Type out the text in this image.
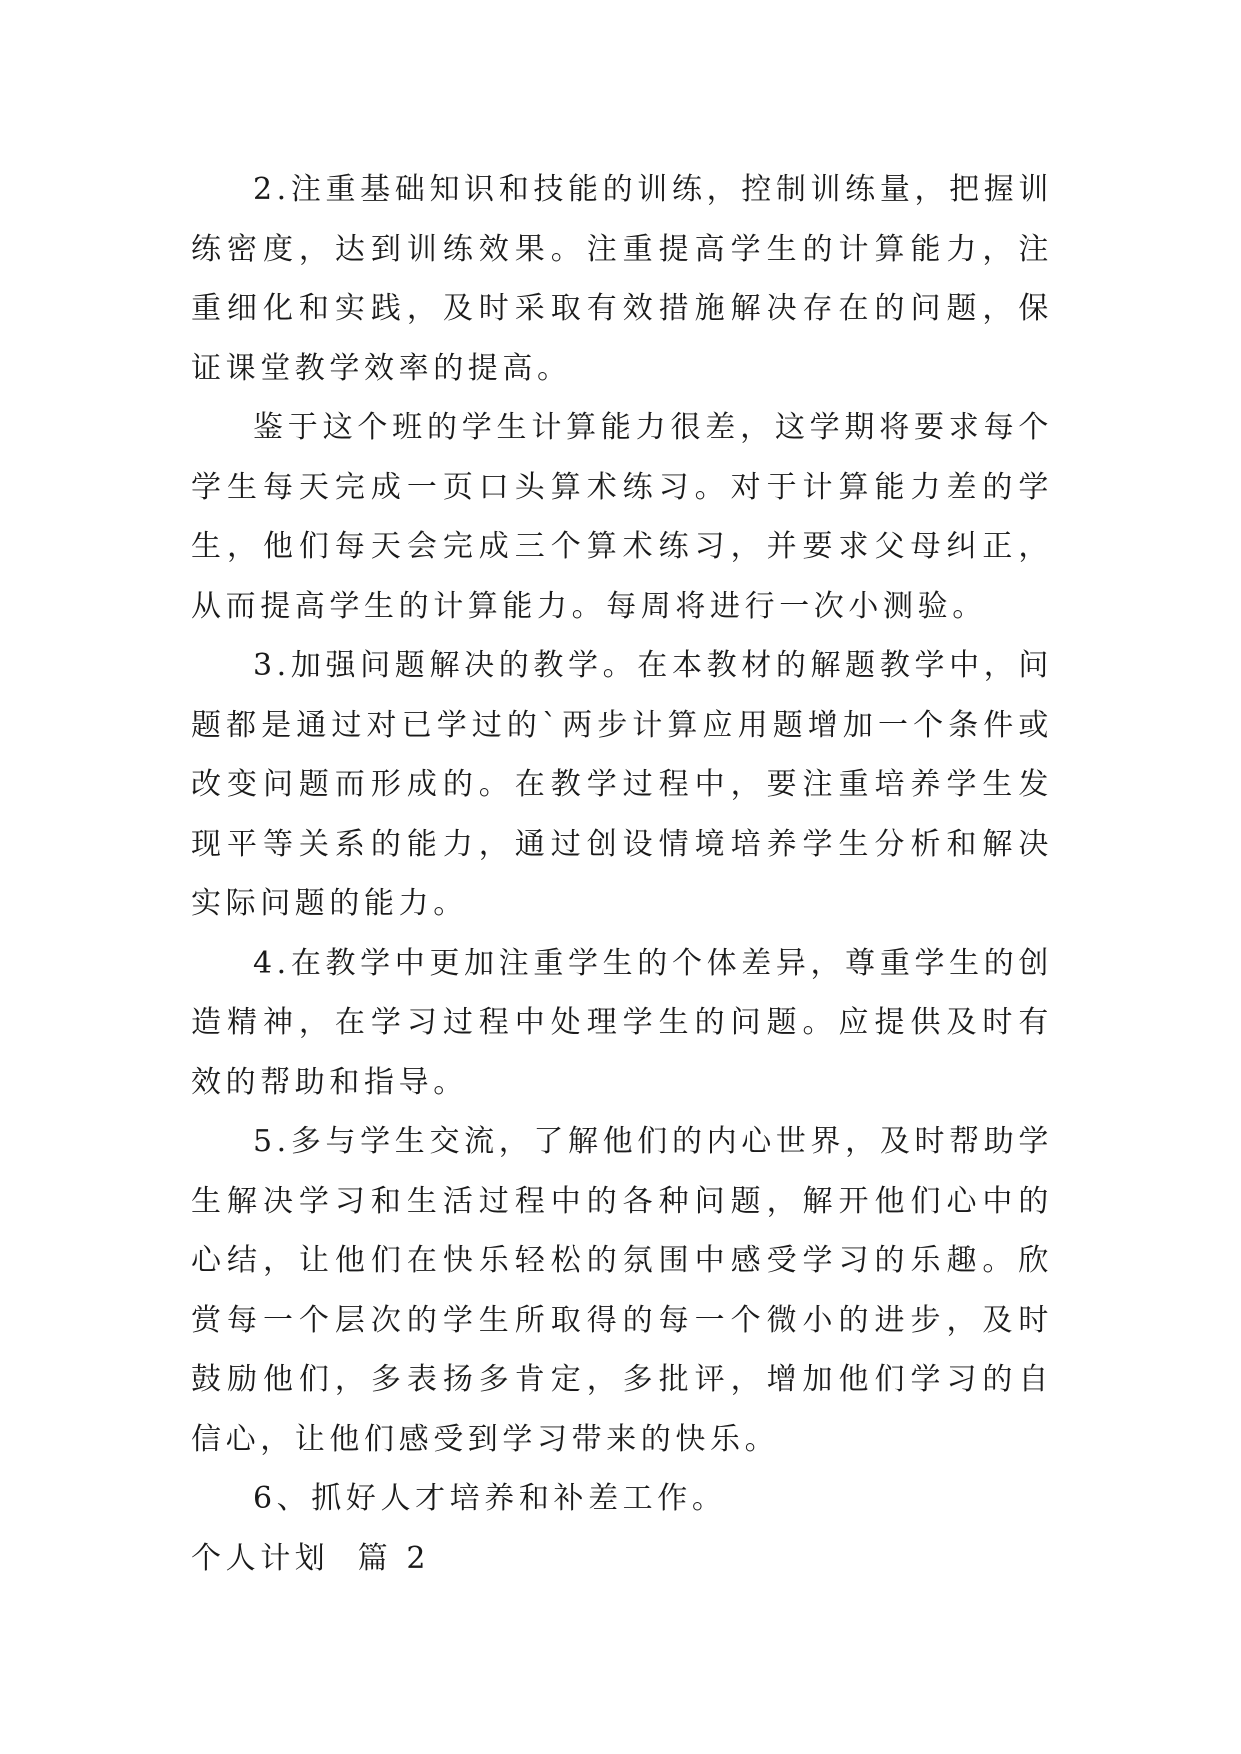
2.注重基础知识和技能的训练，控制训练量，把握训练密度，达到训练效果。注重提高学生的计算能力，注重细化和实践，及时采取有效措施解决存在的问题，保证课堂教学效率的提高。

鉴于这个班的学生计算能力很差，这学期将要求每个学生每天完成一页口头算术练习。对于计算能力差的学生，他们每天会完成三个算术练习，并要求父母纠正，从而提高学生的计算能力。每周将进行一次小测验。

3.加强问题解决的教学。在本教材的解题教学中，问题都是通过对已学过的`两步计算应用题增加一个条件或改变问题而形成的。在教学过程中，要注重培养学生发现平等关系的能力，通过创设情境培养学生分析和解决实际问题的能力。

4.在教学中更加注重学生的个体差异，尊重学生的创造精神，在学习过程中处理学生的问题。应提供及时有效的帮助和指导。

5.多与学生交流，了解他们的内心世界，及时帮助学生解决学习和生活过程中的各种问题，解开他们心中的心结，让他们在快乐轻松的氛围中感受学习的乐趣。欣赏每一个层次的学生所取得的每一个微小的进步，及时鼓励他们，多表扬多肯定，多批评，增加他们学习的自信心，让他们感受到学习带来的快乐。

6、抓好人才培养和补差工作。

个人计划  篇 2
